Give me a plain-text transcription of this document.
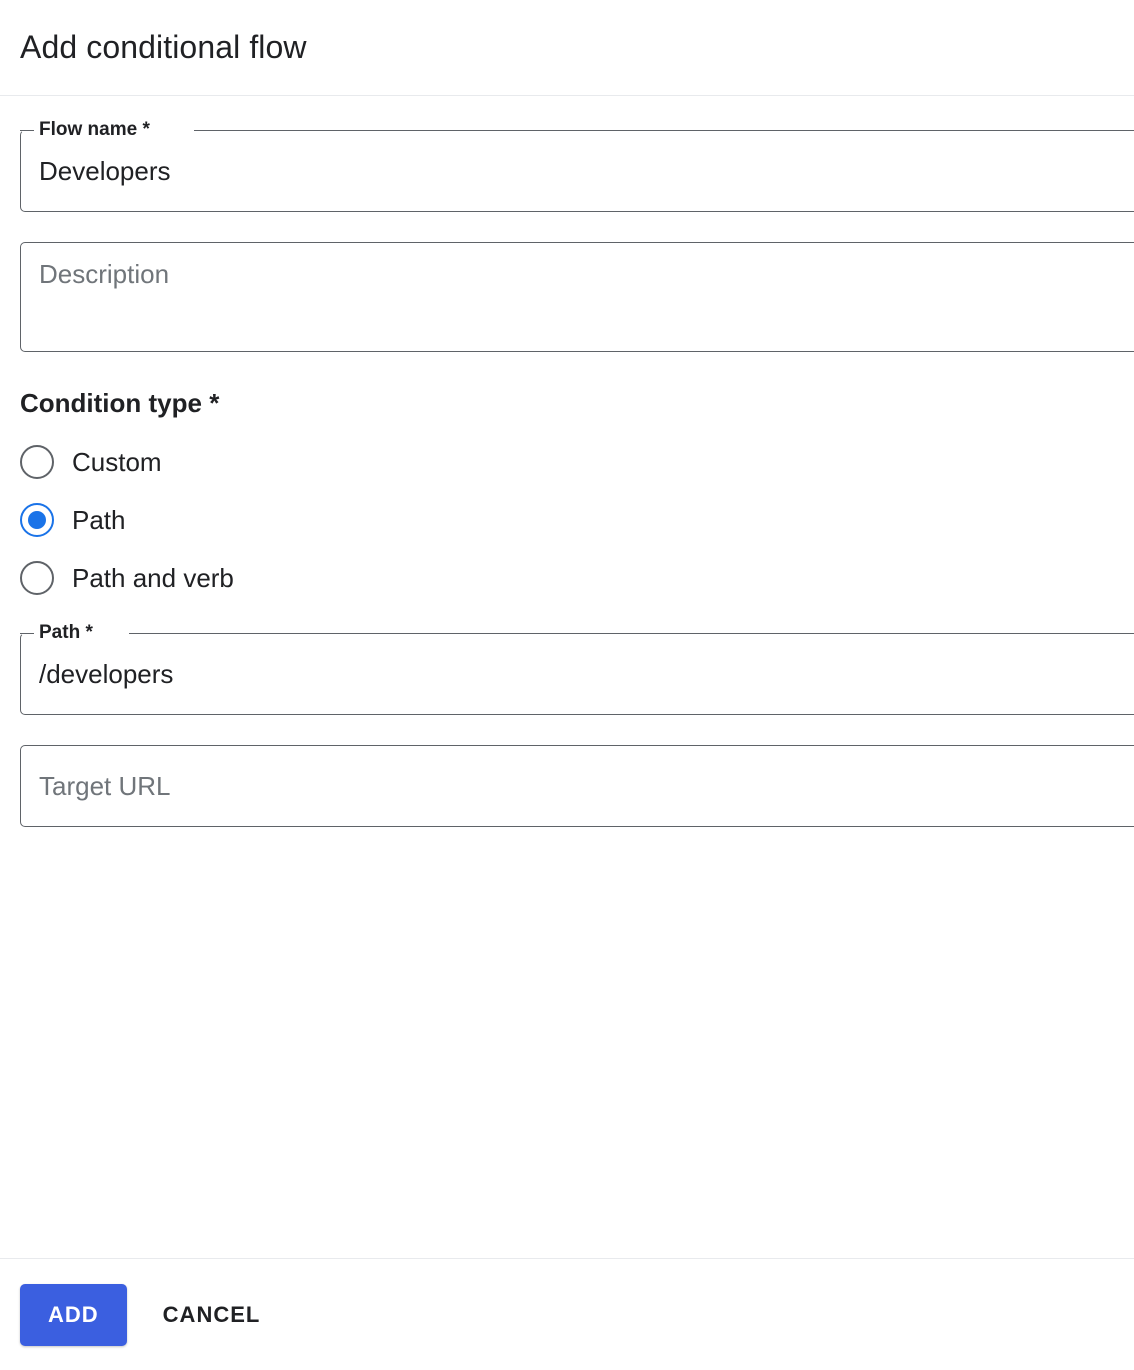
Add conditional flow
Developers
Flow name *
Description
Condition type *
Custom
Path
Path and verb
/developers
Path *
Target URL
ADD	CANCEL
